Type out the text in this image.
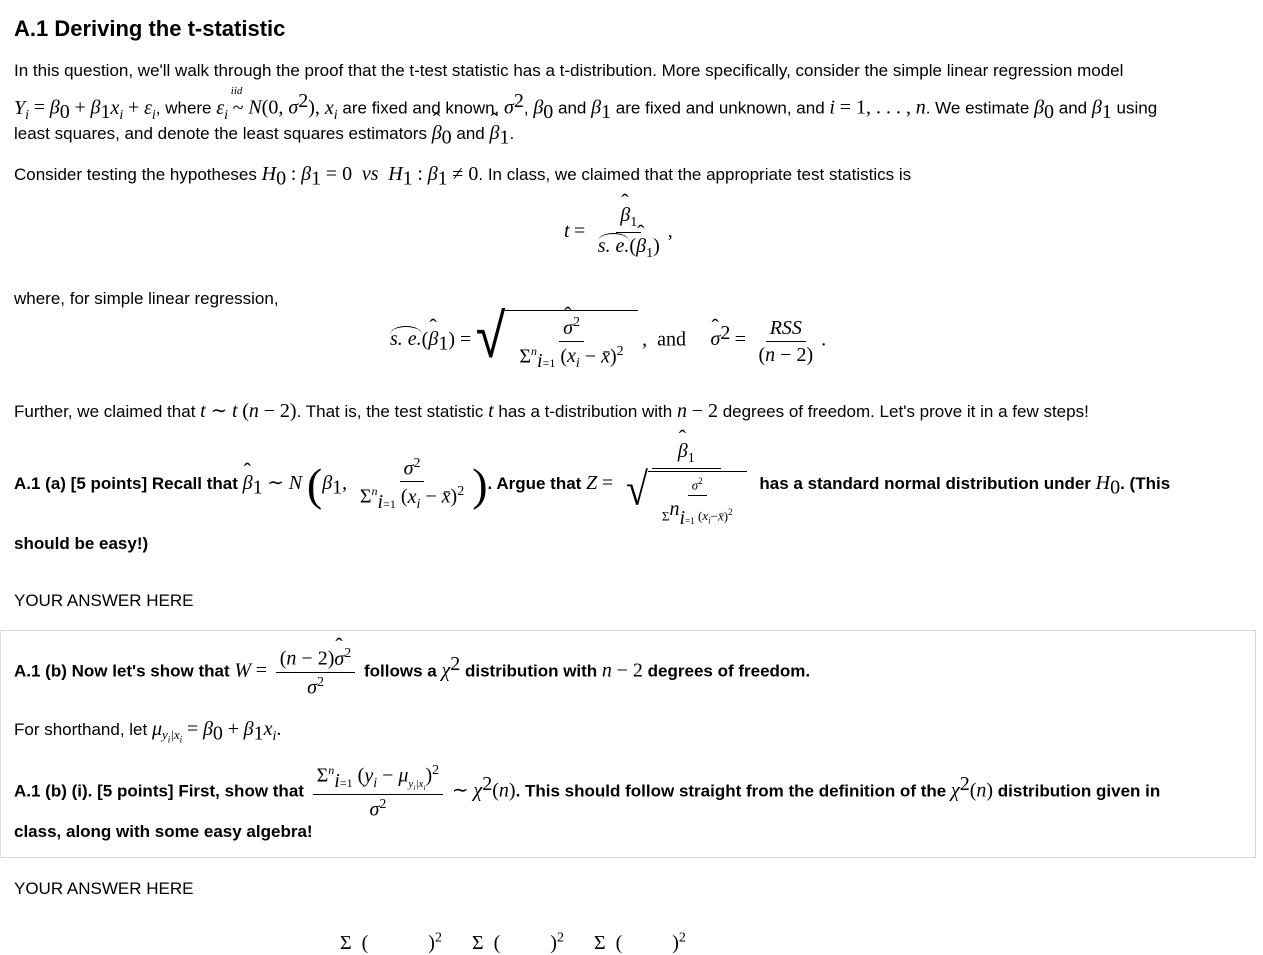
A.1 Deriving the t-statistic
In this question, we'll walk through the proof that the t-test statistic has a t-distribution. More specifically, consider the simple linear regression model
$Y_i = \beta_0 + \beta_1x_i + \varepsilon_i$, where $\varepsilon_i$ ~
iid
N(0, $\sigma^2$), $x_i$ are fixed and known, $\sigma^2$, $\beta_0$ and $\beta_1$ are fixed and unknown, and i = 1, . . . , n. We estimate $\beta_0$ and $\beta_1$ using
least squares, and denote the least squares estimators ˆ $\beta_0$ and ˆ $\beta_1$.
Consider testing the hypotheses $H_0$ : $\beta_1 = 0$  vs  $H_1$ : $\beta_1 \ne 0$. In class, we claimed that the appropriate test statistics is
t = ˆ $\frac{\beta_1}{s. e.(ˆ \beta_1)}$ ,
where, for simple linear regression,
s. e.(ˆ $\beta_1$) = √ ˆ $\frac{\sigma^2}{\Sigma^n_{i=1} (x_i - x̄)^2}$ ,  and ˆ $\sigma^2 = \frac{\text{RSS}}{(n - 2)}$ .
Further, we claimed that t ∼ t (n − 2). That is, the test statistic t has a t-distribution with n − 2 degrees of freedom. Let's prove it in a few steps!
A.1 (a) [5 points] Recall that ˆ $\beta_1$ ∼ N ($\beta_1$, $\frac{\sigma^2}{\Sigma^n_{i=1} (x_i - x̄)^2}$ ). Argue that Z = ˆ $\frac{\beta_1}{√ \frac{\sigma^2}{\Sigma^n_{i=1} (x_i-x̄)^2}}$ has a standard normal distribution under $H_0$. (This
should be easy!)
YOUR ANSWER HERE
A.1 (b) Now let's show that $W = \frac{(n - 2)ˆ \sigma^2}{\sigma^2}$ follows a $\chi^2$ distribution with n − 2 degrees of freedom.
For shorthand, let $\mu_{y_i|x_i} = \beta_0 + \beta_1x_i$.
A.1 (b) (i). [5 points] First, show that $\frac{\Sigma^n_{i=1} (y_i - \mu_{y_i|x_i})^2}{\sigma^2}$ ∼ $\chi^2(n)$. This should follow straight from the definition of the $\chi^2(n)$ distribution given in
class, along with some easy algebra!
YOUR ANSWER HERE
Σ  (            )$^2$      Σ  (          )$^2$      Σ  (          )$^2$
